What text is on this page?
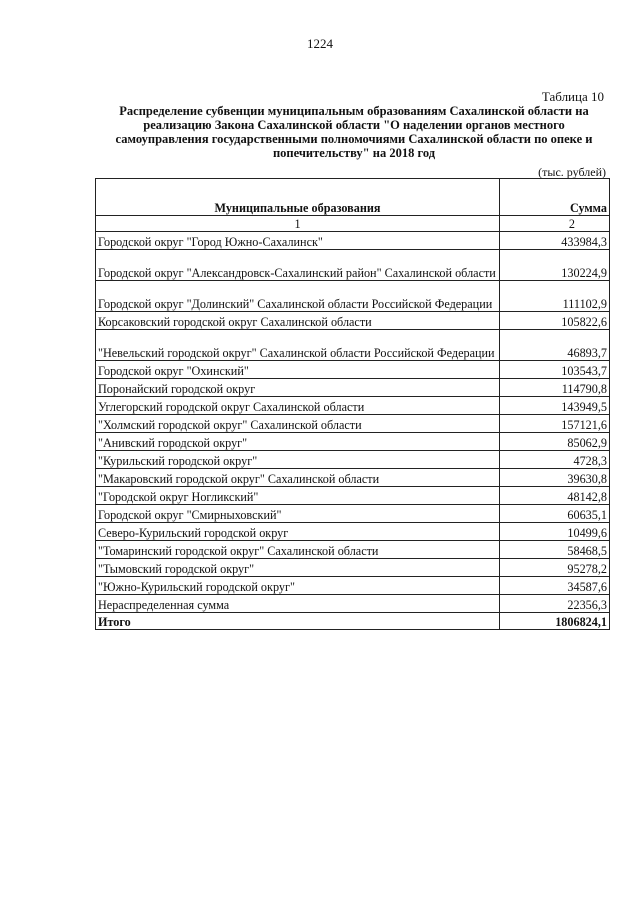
1224
Таблица 10
Распределение субвенции муниципальным образованиям Сахалинской области на
реализацию Закона Сахалинской области "О наделении органов местного
самоуправления государственными полномочиями Сахалинской области по опеке и
попечительству" на 2018 год
(тыс. рублей)
Муниципальные образования	Сумма
1	2
Городской округ "Город Южно-Сахалинск"	433984,3
Городской округ "Александровск-Сахалинский район" Сахалинской области	130224,9
Городской округ "Долинский" Сахалинской области Российской Федерации	111102,9
Корсаковский городской округ Сахалинской области	105822,6
"Невельский городской округ" Сахалинской области Российской Федерации	46893,7
Городской округ "Охинский"	103543,7
Поронайский городской округ	114790,8
Углегорский городской округ Сахалинской области	143949,5
"Холмский городской округ" Сахалинской области	157121,6
"Анивский городской округ"	85062,9
"Курильский городской округ"	4728,3
"Макаровский городской округ" Сахалинской области	39630,8
"Городской округ Ногликский"	48142,8
Городской округ "Смирныховский"	60635,1
Северо-Курильский городской округ	10499,6
"Томаринский городской округ" Сахалинской области	58468,5
"Тымовский городской округ"	95278,2
"Южно-Курильский городской округ"	34587,6
Нераспределенная сумма	22356,3
Итого	1806824,1
